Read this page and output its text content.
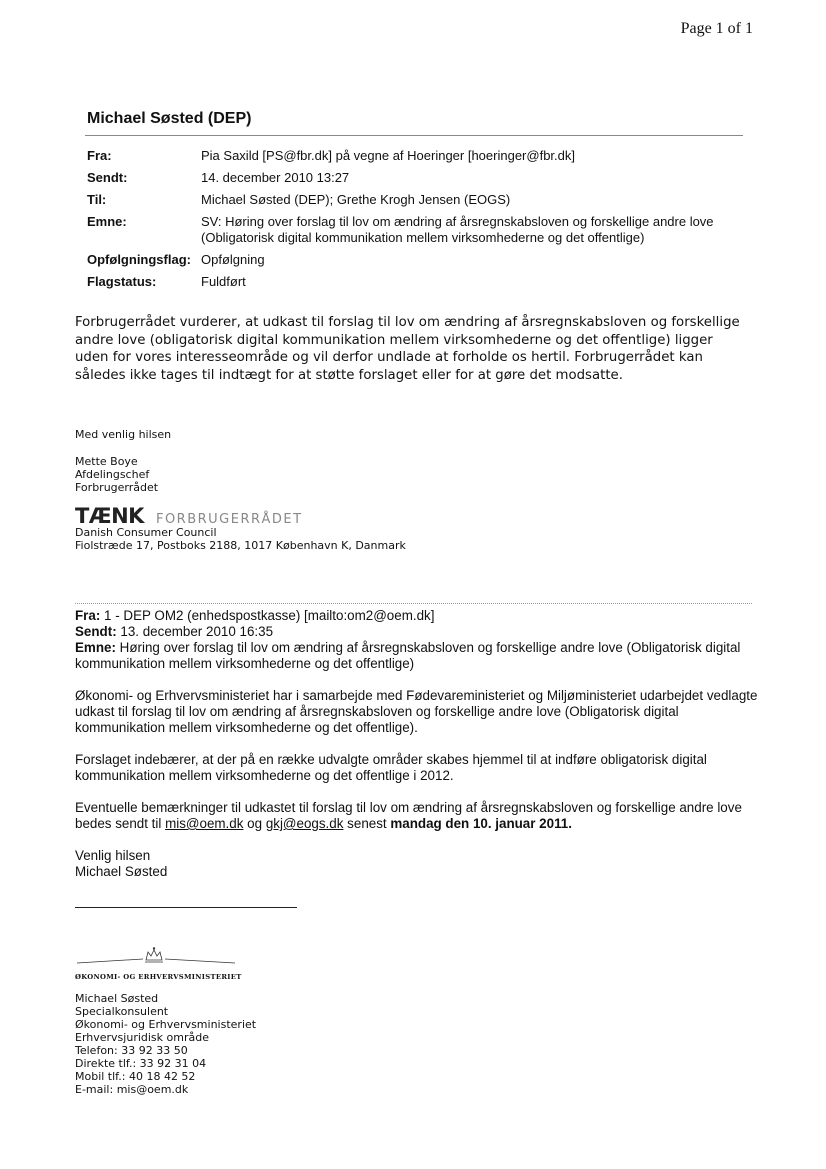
Page 1 of 1
Michael Søsted (DEP)
Fra:	Pia Saxild [PS@fbr.dk] på vegne af Hoeringer [hoeringer@fbr.dk]
Sendt:	14. december 2010 13:27
Til:	Michael Søsted (DEP); Grethe Krogh Jensen (EOGS)
Emne:	SV: Høring over forslag til lov om ændring af årsregnskabsloven og forskellige andre love (Obligatorisk digital kommunikation mellem virksomhederne og det offentlige)
Opfølgningsflag: Opfølgning
Flagstatus:	Fuldført
Forbrugerrådet vurderer, at udkast til forslag til lov om ændring af årsregnskabsloven og forskellige andre love (obligatorisk digital kommunikation mellem virksomhederne og det offentlige) ligger uden for vores interesseområde og vil derfor undlade at forholde os hertil. Forbrugerrådet kan således ikke tages til indtægt for at støtte forslaget eller for at gøre det modsatte.
Med venlig hilsen
Mette Boye
Afdelingschef
Forbrugerrådet
TÆNK FORBRUGERRÅDET
Danish Consumer Council
Fiolstræde 17, Postboks 2188, 1017 København K, Danmark

Fra: 1 - DEP OM2 (enhedspostkasse) [mailto:om2@oem.dk]

Sendt: 13. december 2010 16:35

Emne: Høring over forslag til lov om ændring af årsregnskabsloven og forskellige andre love (Obligatorisk digital kommunikation mellem virksomhederne og det offentlige)

Økonomi- og Erhvervsministeriet har i samarbejde med Fødevareministeriet og Miljøministeriet udarbejdet vedlagte udkast til forslag til lov om ændring af årsregnskabsloven og forskellige andre love (Obligatorisk digital kommunikation mellem virksomhederne og det offentlige).

Forslaget indebærer, at der på en række udvalgte områder skabes hjemmel til at indføre obligatorisk digital kommunikation mellem virksomhederne og det offentlige i 2012.

Eventuelle bemærkninger til udkastet til forslag til lov om ændring af årsregnskabsloven og forskellige andre love bedes sendt til mis@oem.dk og gkj@eogs.dk senest mandag den 10. januar 2011.

Venlig hilsen

Michael Søsted

ØKONOMI- OG ERHVERVSMINISTERIET
Michael Søsted
Specialkonsulent
Økonomi- og Erhvervsministeriet
Erhvervsjuridisk område
Telefon: 33 92 33 50
Direkte tlf.: 33 92 31 04
Mobil tlf.: 40 18 42 52
E-mail: mis@oem.dk
